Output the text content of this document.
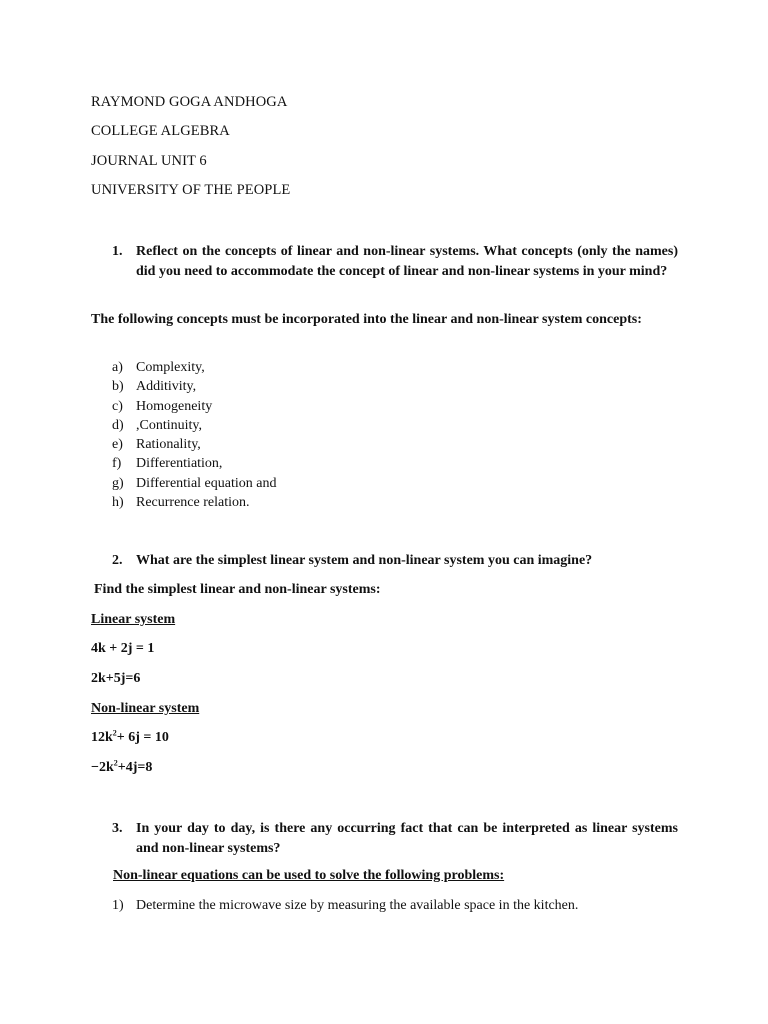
RAYMOND GOGA ANDHOGA
COLLEGE ALGEBRA
JOURNAL UNIT 6
UNIVERSITY OF THE PEOPLE
1. Reflect on the concepts of linear and non-linear systems. What concepts (only the names) did you need to accommodate the concept of linear and non-linear systems in your mind?
The following concepts must be incorporated into the linear and non-linear system concepts:
a) Complexity,
b) Additivity,
c) Homogeneity
d) ,Continuity,
e) Rationality,
f) Differentiation,
g) Differential equation and
h) Recurrence relation.
2. What are the simplest linear system and non-linear system you can imagine?
Find the simplest linear and non-linear systems:
Linear system
4k + 2j = 1
2k+5j=6
Non-linear system
$12k^2+ 6j = 10$
$-2k^2+4j=8$
3. In your day to day, is there any occurring fact that can be interpreted as linear systems and non-linear systems?
Non-linear equations can be used to solve the following problems:
1) Determine the microwave size by measuring the available space in the kitchen.
